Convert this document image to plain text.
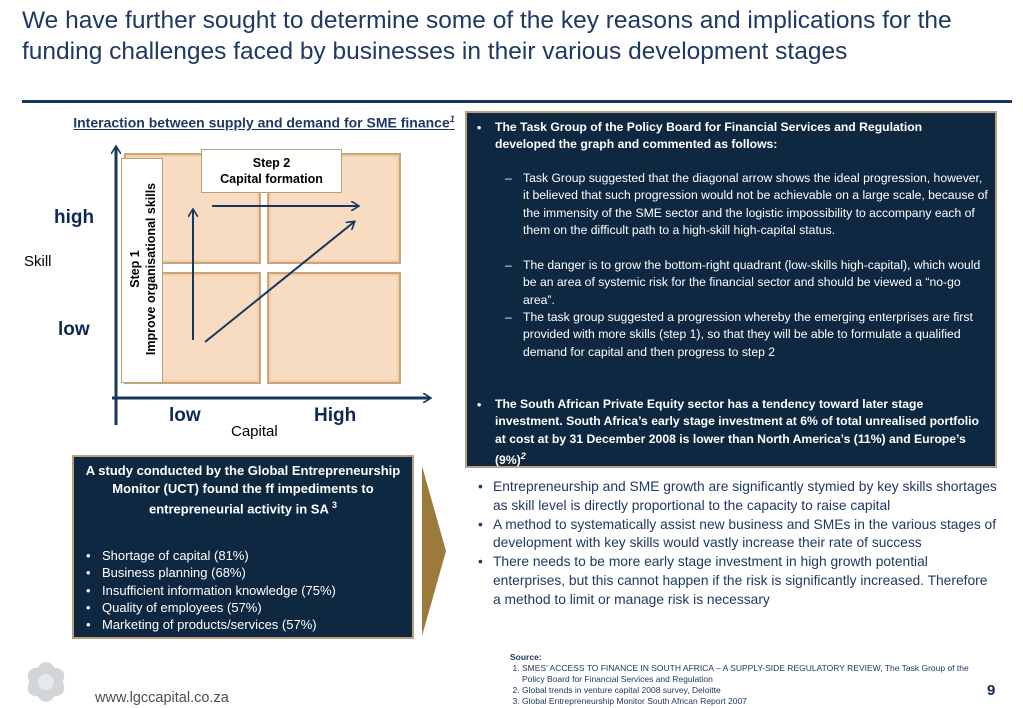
We have further sought to determine some of the key reasons and implications for the funding challenges faced by businesses in their various development stages
Interaction between supply and demand for SME finance$^1$
high
Skill
low
low	High
Capital
Step 2
Capital formation
Step 1 Improve organisational skills
• The Task Group of the Policy Board for Financial Services and Regulation developed the graph and commented as follows:
– Task Group suggested that the diagonal arrow shows the ideal progression, however, it believed that such progression would not be achievable on a large scale, because of the immensity of the SME sector and the logistic impossibility to accompany each of them on the difficult path to a high-skill high-capital status.
– The danger is to grow the bottom-right quadrant (low-skills high-capital), which would be an area of systemic risk for the financial sector and should be viewed a “no-go area”.
– The task group suggested a progression whereby the emerging enterprises are first provided with more skills (step 1), so that they will be able to formulate a qualified demand for capital and then progress to step 2
• The South African Private Equity sector has a tendency toward later stage investment. South Africa’s early stage investment at 6% of total unrealised portfolio at cost at by 31 December 2008 is lower than North America’s (11%) and Europe’s $(9\%)^2$
A study conducted by the Global Entrepreneurship Monitor (UCT) found the ff impediments to entrepreneurial activity in SA $^3$
• Shortage of capital (81%)
• Business planning (68%)
• Insufficient information knowledge (75%)
• Quality of employees (57%)
• Marketing of products/services (57%)
• Entrepreneurship and SME growth are significantly stymied by key skills shortages as skill level is directly proportional to the capacity to raise capital
• A method to systematically assist new business and SMEs in the various stages of development with key skills would vastly increase their rate of success
• There needs to be more early stage investment in high growth potential enterprises, but this cannot happen if the risk is significantly increased. Therefore a method to limit or manage risk is necessary
www.lgccapital.co.za
Source:
1. SMES’ ACCESS TO FINANCE IN SOUTH AFRICA – A SUPPLY-SIDE REGULATORY REVIEW, The Task Group of the Policy Board for Financial Services and Regulation
2. Global trends in venture capital 2008 survey, Deloitte
3. Global Entrepreneurship Monitor South African Report 2007
9
